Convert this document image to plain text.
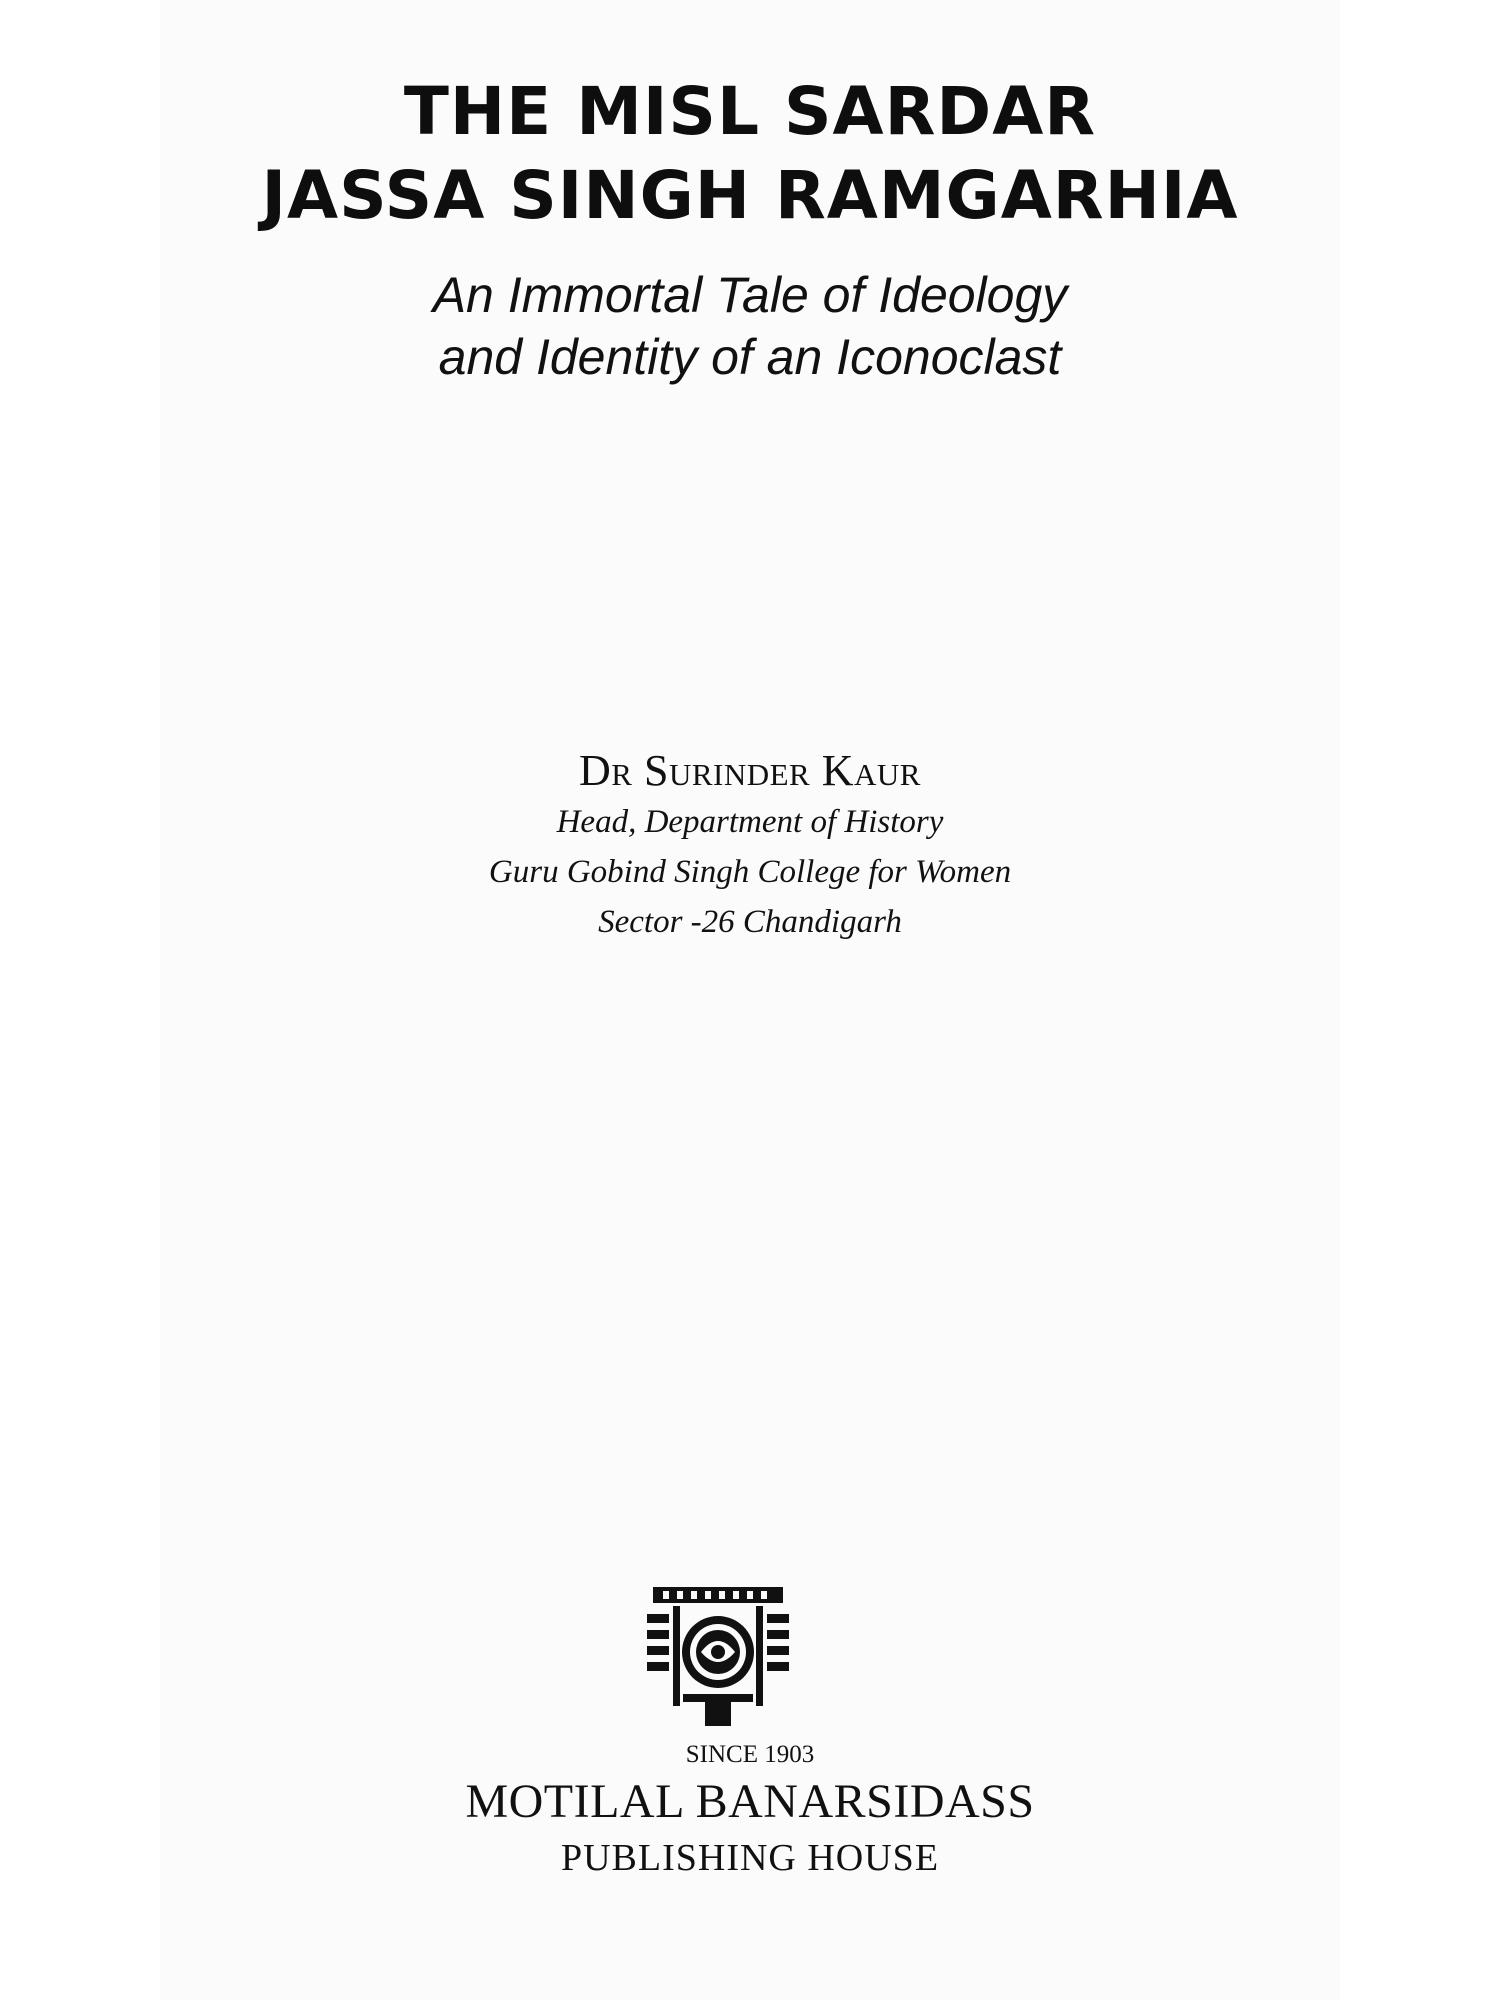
THE MISL SARDAR
JASSA SINGH RAMGARHIA
An Immortal Tale of Ideology
and Identity of an Iconoclast
Dr Surinder Kaur
Head, Department of History
Guru Gobind Singh College for Women
Sector -26 Chandigarh
SINCE 1903
MOTILAL BANARSIDASS
PUBLISHING HOUSE
